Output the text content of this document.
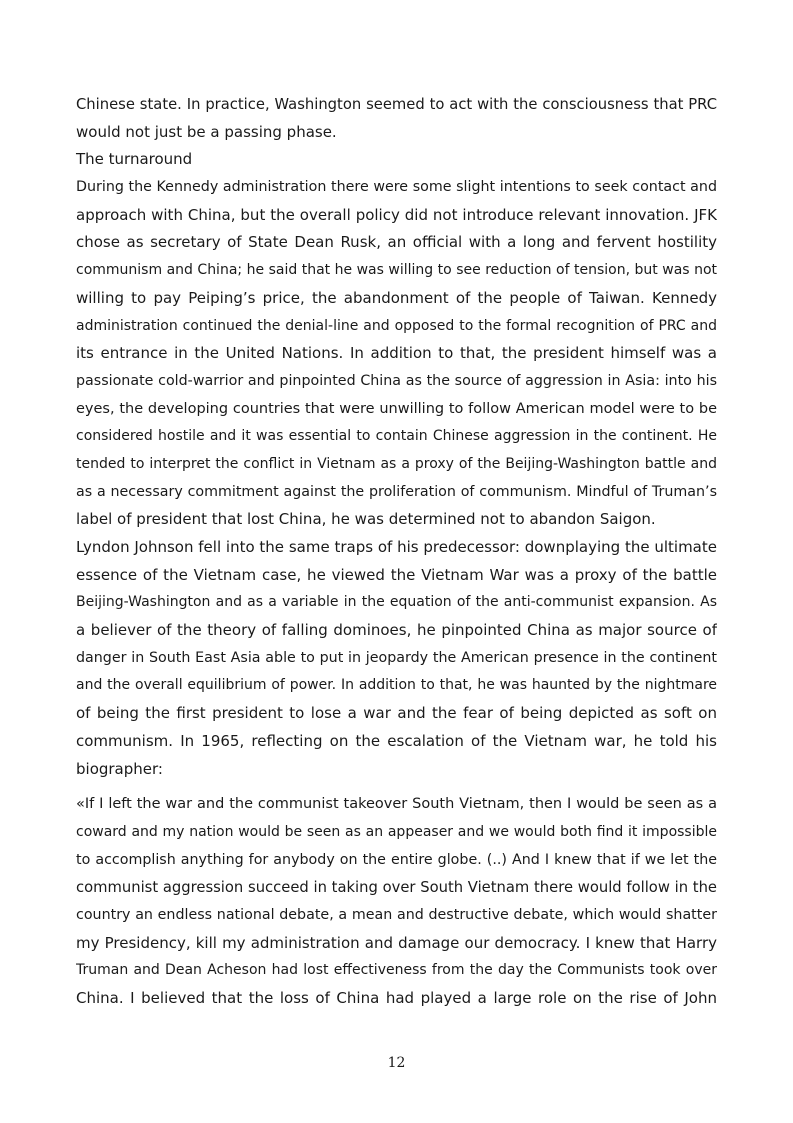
Chinese state. In practice, Washington seemed to act with the consciousness that PRC
would not just be a passing phase.
The turnaround
During the Kennedy administration there were some slight intentions to seek contact and
approach with China, but the overall policy did not introduce relevant innovation. JFK
chose as secretary of State Dean Rusk, an official with a long and fervent hostility
communism and China; he said that he was willing to see reduction of tension, but was not
willing to pay Peiping’s price, the abandonment of the people of Taiwan. Kennedy
administration continued the denial-line and opposed to the formal recognition of PRC and
its entrance in the United Nations. In addition to that, the president himself was a
passionate cold-warrior and pinpointed China as the source of aggression in Asia: into his
eyes, the developing countries that were unwilling to follow American model were to be
considered hostile and it was essential to contain Chinese aggression in the continent. He
tended to interpret the conflict in Vietnam as a proxy of the Beijing-Washington battle and
as a necessary commitment against the proliferation of communism. Mindful of Truman’s
label of president that lost China, he was determined not to abandon Saigon.
Lyndon Johnson fell into the same traps of his predecessor: downplaying the ultimate
essence of the Vietnam case, he viewed the Vietnam War was a proxy of the battle
Beijing-Washington and as a variable in the equation of the anti-communist expansion. As
a believer of the theory of falling dominoes, he pinpointed China as major source of
danger in South East Asia able to put in jeopardy the American presence in the continent
and the overall equilibrium of power. In addition to that, he was haunted by the nightmare
of being the first president to lose a war and the fear of being depicted as soft on
communism. In 1965, reflecting on the escalation of the Vietnam war, he told his
biographer:
«If I left the war and the communist takeover South Vietnam, then I would be seen as a
coward and my nation would be seen as an appeaser and we would both find it impossible
to accomplish anything for anybody on the entire globe. (..) And I knew that if we let the
communist aggression succeed in taking over South Vietnam there would follow in the
country an endless national debate, a mean and destructive debate, which would shatter
my Presidency, kill my administration and damage our democracy. I knew that Harry
Truman and Dean Acheson had lost effectiveness from the day the Communists took over
China. I believed that the loss of China had played a large role on the rise of John
12
